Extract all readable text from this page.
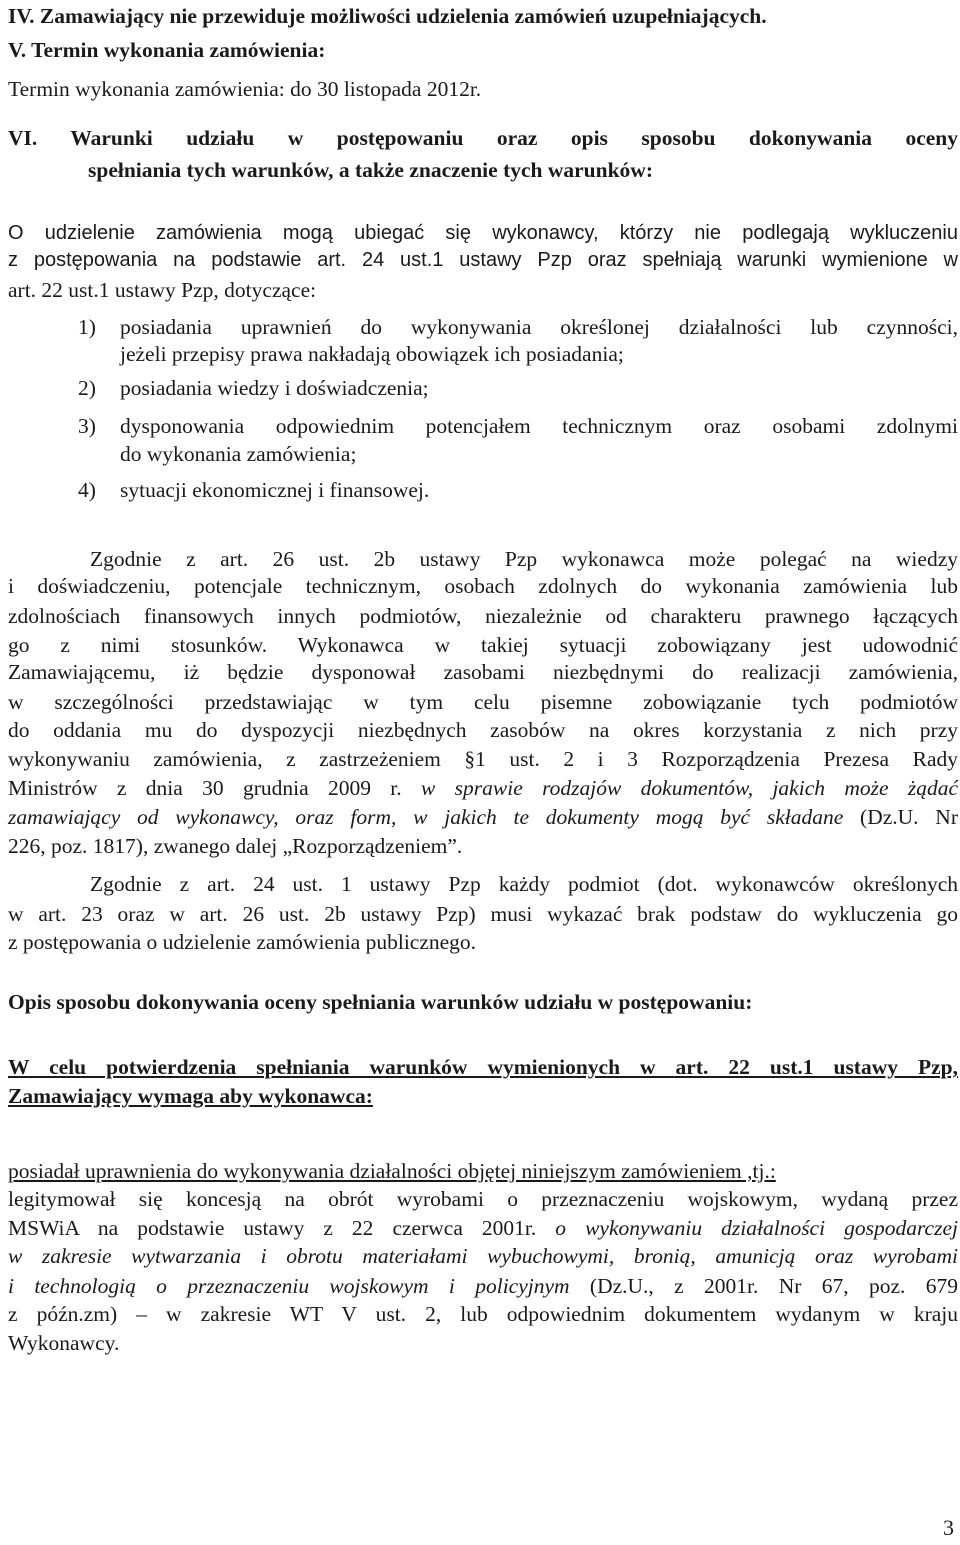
IV. Zamawiający nie przewiduje możliwości udzielenia zamówień uzupełniających.
V. Termin wykonania zamówienia:
Termin wykonania zamówienia: do 30 listopada 2012r.
VI. Warunki udziału w postępowaniu oraz opis sposobu dokonywania oceny
spełniania tych warunków, a także znaczenie tych warunków:
O udzielenie zamówienia mogą ubiegać się wykonawcy, którzy nie podlegają wykluczeniu
z postępowania na podstawie art. 24 ust.1 ustawy Pzp oraz spełniają warunki wymienione w
art. 22 ust.1 ustawy Pzp, dotyczące:
1) posiadania uprawnień do wykonywania określonej działalności lub czynności,
jeżeli przepisy prawa nakładają obowiązek ich posiadania;
2) posiadania wiedzy i doświadczenia;
3) dysponowania odpowiednim potencjałem technicznym oraz osobami zdolnymi
do wykonania zamówienia;
4) sytuacji ekonomicznej i finansowej.
Zgodnie z art. 26 ust. 2b ustawy Pzp wykonawca może polegać na wiedzy
i doświadczeniu, potencjale technicznym, osobach zdolnych do wykonania zamówienia lub
zdolnościach finansowych innych podmiotów, niezależnie od charakteru prawnego łączących
go z nimi stosunków. Wykonawca w takiej sytuacji zobowiązany jest udowodnić
Zamawiającemu, iż będzie dysponował zasobami niezbędnymi do realizacji zamówienia,
w szczególności przedstawiając w tym celu pisemne zobowiązanie tych podmiotów
do oddania mu do dyspozycji niezbędnych zasobów na okres korzystania z nich przy
wykonywaniu zamówienia, z zastrzeżeniem §1 ust. 2 i 3 Rozporządzenia Prezesa Rady
Ministrów z dnia 30 grudnia 2009 r. w sprawie rodzajów dokumentów, jakich może żądać
zamawiający od wykonawcy, oraz form, w jakich te dokumenty mogą być składane (Dz.U. Nr
226, poz. 1817), zwanego dalej „Rozporządzeniem”.
Zgodnie z art. 24 ust. 1 ustawy Pzp każdy podmiot (dot. wykonawców określonych
w art. 23 oraz w art. 26 ust. 2b ustawy Pzp) musi wykazać brak podstaw do wykluczenia go
z postępowania o udzielenie zamówienia publicznego.
Opis sposobu dokonywania oceny spełniania warunków udziału w postępowaniu:
W celu potwierdzenia spełniania warunków wymienionych w art. 22 ust.1 ustawy Pzp,
Zamawiający wymaga aby wykonawca:
posiadał uprawnienia do wykonywania działalności objętej niniejszym zamówieniem ,tj.:
legitymował się koncesją na obrót wyrobami o przeznaczeniu wojskowym, wydaną przez
MSWiA na podstawie ustawy z 22 czerwca 2001r. o wykonywaniu działalności gospodarczej
w zakresie wytwarzania i obrotu materiałami wybuchowymi, bronią, amunicją oraz wyrobami
i technologią o przeznaczeniu wojskowym i policyjnym (Dz.U., z 2001r. Nr 67, poz. 679
z późn.zm) – w zakresie WT V ust. 2, lub odpowiednim dokumentem wydanym w kraju
Wykonawcy.
3
